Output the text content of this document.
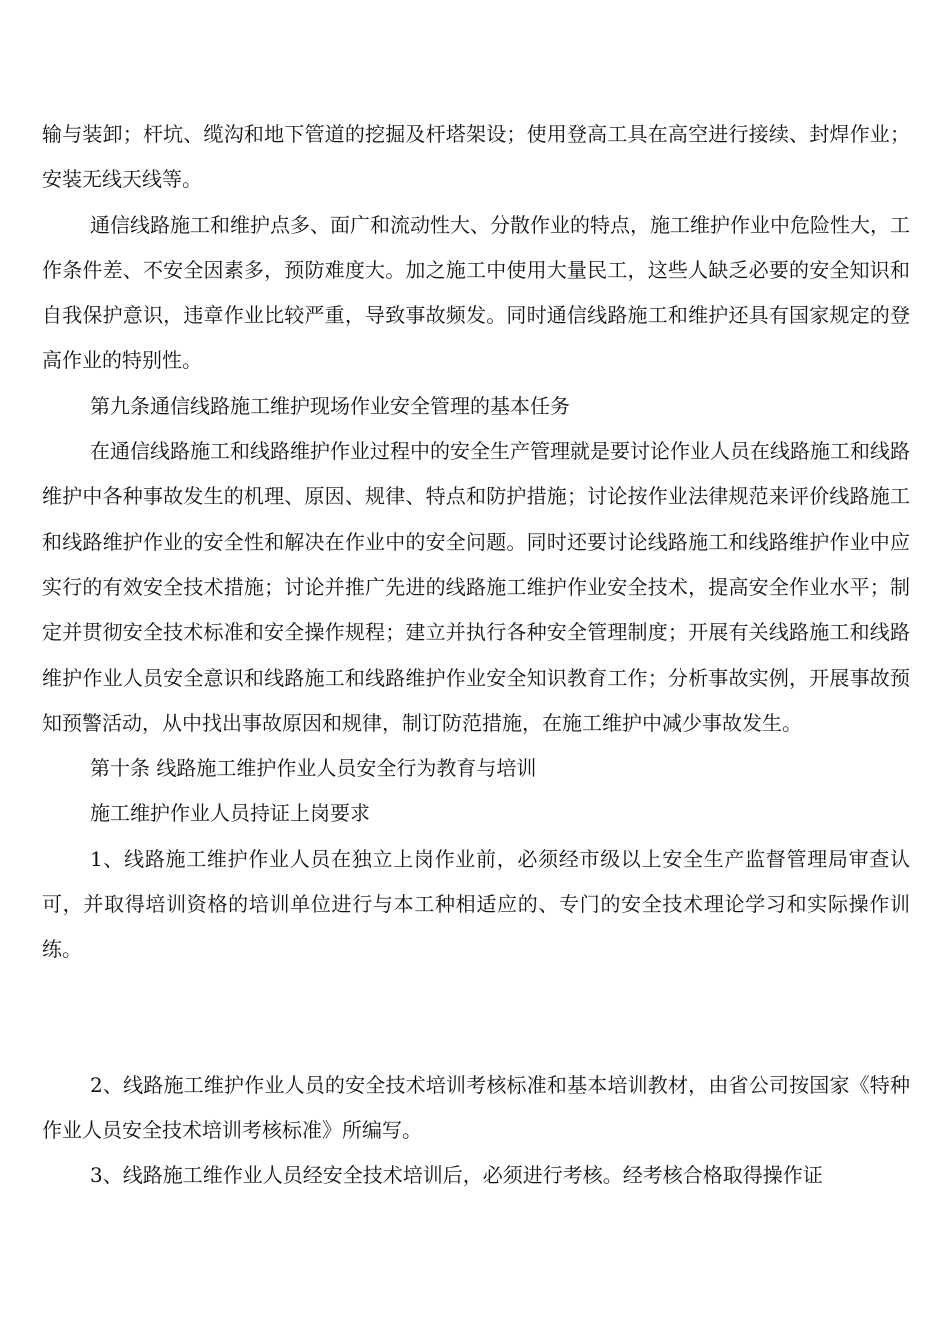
输与装卸；杆坑、缆沟和地下管道的挖掘及杆塔架设；使用登高工具在高空进行接续、封焊作业；安装无线天线等。

通信线路施工和维护点多、面广和流动性大、分散作业的特点，施工维护作业中危险性大，工作条件差、不安全因素多，预防难度大。加之施工中使用大量民工，这些人缺乏必要的安全知识和自我保护意识，违章作业比较严重，导致事故频发。同时通信线路施工和维护还具有国家规定的登高作业的特别性。

第九条通信线路施工维护现场作业安全管理的基本任务

在通信线路施工和线路维护作业过程中的安全生产管理就是要讨论作业人员在线路施工和线路维护中各种事故发生的机理、原因、规律、特点和防护措施；讨论按作业法律规范来评价线路施工和线路维护作业的安全性和解决在作业中的安全问题。同时还要讨论线路施工和线路维护作业中应实行的有效安全技术措施；讨论并推广先进的线路施工维护作业安全技术，提高安全作业水平；制定并贯彻安全技术标准和安全操作规程；建立并执行各种安全管理制度；开展有关线路施工和线路维护作业人员安全意识和线路施工和线路维护作业安全知识教育工作；分析事故实例，开展事故预知预警活动，从中找出事故原因和规律，制订防范措施，在施工维护中减少事故发生。

第十条 线路施工维护作业人员安全行为教育与培训

施工维护作业人员持证上岗要求

1、线路施工维护作业人员在独立上岗作业前，必须经市级以上安全生产监督管理局审查认可，并取得培训资格的培训单位进行与本工种相适应的、专门的安全技术理论学习和实际操作训练。

2、线路施工维护作业人员的安全技术培训考核标准和基本培训教材，由省公司按国家《特种作业人员安全技术培训考核标准》所编写。

3、线路施工维作业人员经安全技术培训后，必须进行考核。经考核合格取得操作证
